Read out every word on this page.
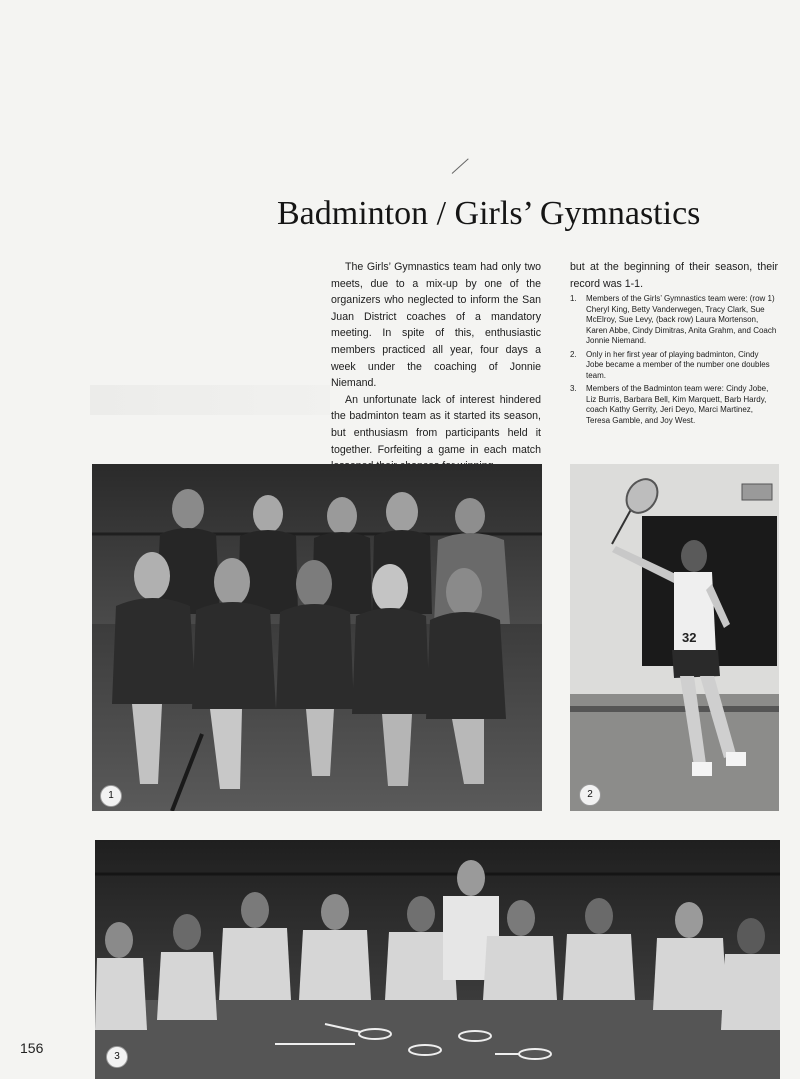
Badminton / Girls’ Gymnastics

The Girls’ Gymnastics team had only two meets, due to a mix-up by one of the organizers who neglected to inform the San Juan District coaches of a mandatory meeting. In spite of this, enthusiastic members practiced all year, four days a week under the coaching of Jonnie Niemand.

An unfortunate lack of interest hindered the badminton team as it started its season, but enthusiasm from participants held it together. Forfeiting a game in each match

but at the beginning of their season, their record was 1-1.

1. Members of the Girls’ Gymnastics team were: (row 1) Cheryl King, Betty Vanderwegen, Tracy Clark, Sue McElroy, Sue Levy, (back row) Laura Mortenson, Karen Abbe, Cindy Dimitras, Anita Grahm, and Coach Jonnie Niemand.
2. Only in her first year of playing badminton, Cindy Jobe became a member of the number one doubles team.
3. Members of the Badminton team were: Cindy Jobe, Liz Burris, Barbara Bell, Kim Marquett, Barb Hardy, coach Kathy Gerrity, Jeri Deyo, Marci Martinez, Teresa Gamble, and Joy West.
1
32
2
3
156
